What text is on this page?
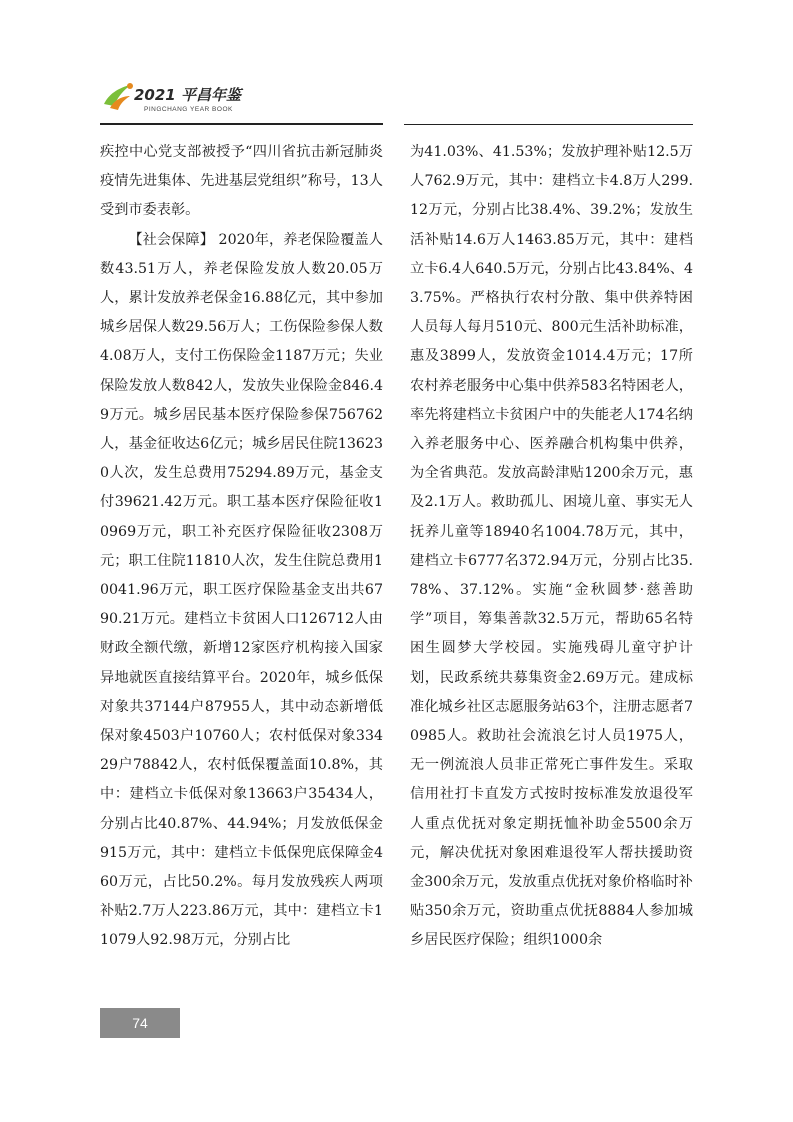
2021 平昌年鉴
PINGCHANG YEAR BOOK

疾控中心党支部被授予“四川省抗击新冠肺炎疫情先进集体、先进基层党组织”称号，13人受到市委表彰。

【社会保障】 2020年，养老保险覆盖人数43.51万人，养老保险发放人数20.05万人，累计发放养老保金16.88亿元，其中参加城乡居保人数29.56万人；工伤保险参保人数4.08万人，支付工伤保险金1187万元；失业保险发放人数842人，发放失业保险金846.49万元。城乡居民基本医疗保险参保756762人，基金征收达6亿元；城乡居民住院136230人次，发生总费用75294.89万元，基金支付39621.42万元。职工基本医疗保险征收10969万元，职工补充医疗保险征收2308万元；职工住院11810人次，发生住院总费用10041.96万元，职工医疗保险基金支出共6790.21万元。建档立卡贫困人口126712人由财政全额代缴，新增12家医疗机构接入国家异地就医直接结算平台。2020年，城乡低保对象共37144户87955人，其中动态新增低保对象4503户10760人；农村低保对象33429户78842人，农村低保覆盖面10.8%，其中：建档立卡低保对象13663户35434人，分别占比40.87%、44.94%；月发放低保金915万元，其中：建档立卡低保兜底保障金460万元，占比50.2%。每月发放残疾人两项补贴2.7万人223.86万元，其中：建档立卡11079人92.98万元，分别占比

为41.03%、41.53%；发放护理补贴12.5万人762.9万元，其中：建档立卡4.8万人299.12万元，分别占比38.4%、39.2%；发放生活补贴14.6万人1463.85万元，其中：建档立卡6.4人640.5万元，分别占比43.84%、43.75%。严格执行农村分散、集中供养特困人员每人每月510元、800元生活补助标准，惠及3899人，发放资金1014.4万元；17所农村养老服务中心集中供养583名特困老人，率先将建档立卡贫困户中的失能老人174名纳入养老服务中心、医养融合机构集中供养，为全省典范。发放高龄津贴1200余万元，惠及2.1万人。救助孤儿、困境儿童、事实无人抚养儿童等18940名1004.78万元，其中，建档立卡6777名372.94万元，分别占比35.78%、37.12%。实施“金秋圆梦·慈善助学”项目，筹集善款32.5万元，帮助65名特困生圆梦大学校园。实施残碍儿童守护计划，民政系统共募集资金2.69万元。建成标准化城乡社区志愿服务站63个，注册志愿者70985人。救助社会流浪乞讨人员1975人，无一例流浪人员非正常死亡事件发生。采取信用社打卡直发方式按时按标准发放退役军人重点优抚对象定期抚恤补助金5500余万元，解决优抚对象困难退役军人帮扶援助资金300余万元，发放重点优抚对象价格临时补贴350余万元，资助重点优抚8884人参加城乡居民医疗保险；组织1000余

74
